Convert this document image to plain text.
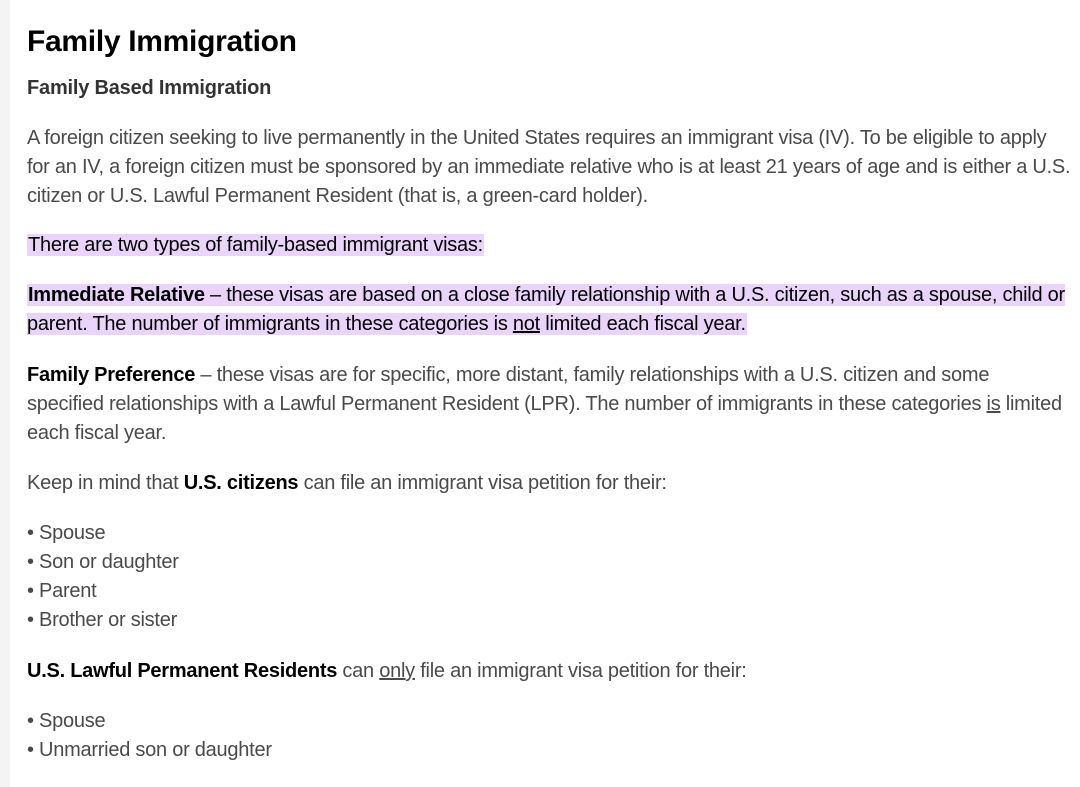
Family Immigration
Family Based Immigration

A foreign citizen seeking to live permanently in the United States requires an immigrant visa (IV). To be eligible to apply for an IV, a foreign citizen must be sponsored by an immediate relative who is at least 21 years of age and is either a U.S. citizen or U.S. Lawful Permanent Resident (that is, a green-card holder).

There are two types of family-based immigrant visas:

Immediate Relative – these visas are based on a close family relationship with a U.S. citizen, such as a spouse, child or parent. The number of immigrants in these categories is not limited each fiscal year.

Family Preference – these visas are for specific, more distant, family relationships with a U.S. citizen and some specified relationships with a Lawful Permanent Resident (LPR). The number of immigrants in these categories is limited each fiscal year.

Keep in mind that U.S. citizens can file an immigrant visa petition for their:

• Spouse
• Son or daughter
• Parent
• Brother or sister

U.S. Lawful Permanent Residents can only file an immigrant visa petition for their:

• Spouse
• Unmarried son or daughter
